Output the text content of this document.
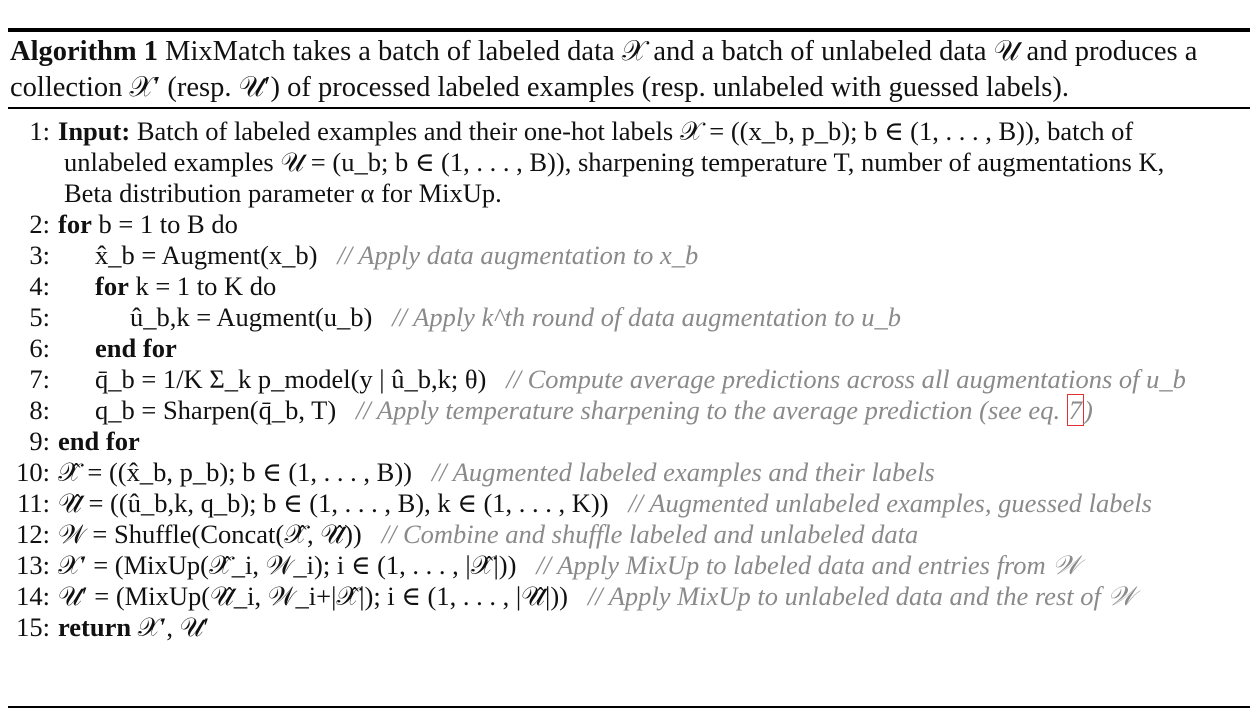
Algorithm 1 MixMatch takes a batch of labeled data 𝒳 and a batch of unlabeled data 𝒰 and produces a collection 𝒳′ (resp. 𝒰′) of processed labeled examples (resp. unlabeled with guessed labels).
1: Input: Batch of labeled examples and their one-hot labels 𝒳 = ((x_b, p_b); b ∈ (1, . . . , B)), batch of
unlabeled examples 𝒰 = (u_b; b ∈ (1, . . . , B)), sharpening temperature T, number of augmentations K,
Beta distribution parameter α for MixUp.
2: for b = 1 to B do
3: x̂_b = Augment(x_b) // Apply data augmentation to x_b
4: for k = 1 to K do
5:	û_b,k = Augment(u_b) // Apply k^th round of data augmentation to u_b
6: end for
7: q̄_b = 1/K Σ_k p_model(y | û_b,k; θ) // Compute average predictions across all augmentations of u_b
8: q_b = Sharpen(q̄_b, T) // Apply temperature sharpening to the average prediction (see eq. 7)
9: end for
10: 𝒳̂ = ((x̂_b, p_b); b ∈ (1, . . . , B)) // Augmented labeled examples and their labels
11: 𝒰̂ = ((û_b,k, q_b); b ∈ (1, . . . , B), k ∈ (1, . . . , K)) // Augmented unlabeled examples, guessed labels
12: 𝒲 = Shuffle(Concat(𝒳̂, 𝒰̂)) // Combine and shuffle labeled and unlabeled data
13: 𝒳′ = (MixUp(𝒳̂_i, 𝒲_i); i ∈ (1, . . . , |𝒳̂|)) // Apply MixUp to labeled data and entries from 𝒲
14: 𝒰′ = (MixUp(𝒰̂_i, 𝒲_i+|𝒳̂|); i ∈ (1, . . . , |𝒰̂|)) // Apply MixUp to unlabeled data and the rest of 𝒲
15: return 𝒳′, 𝒰′
